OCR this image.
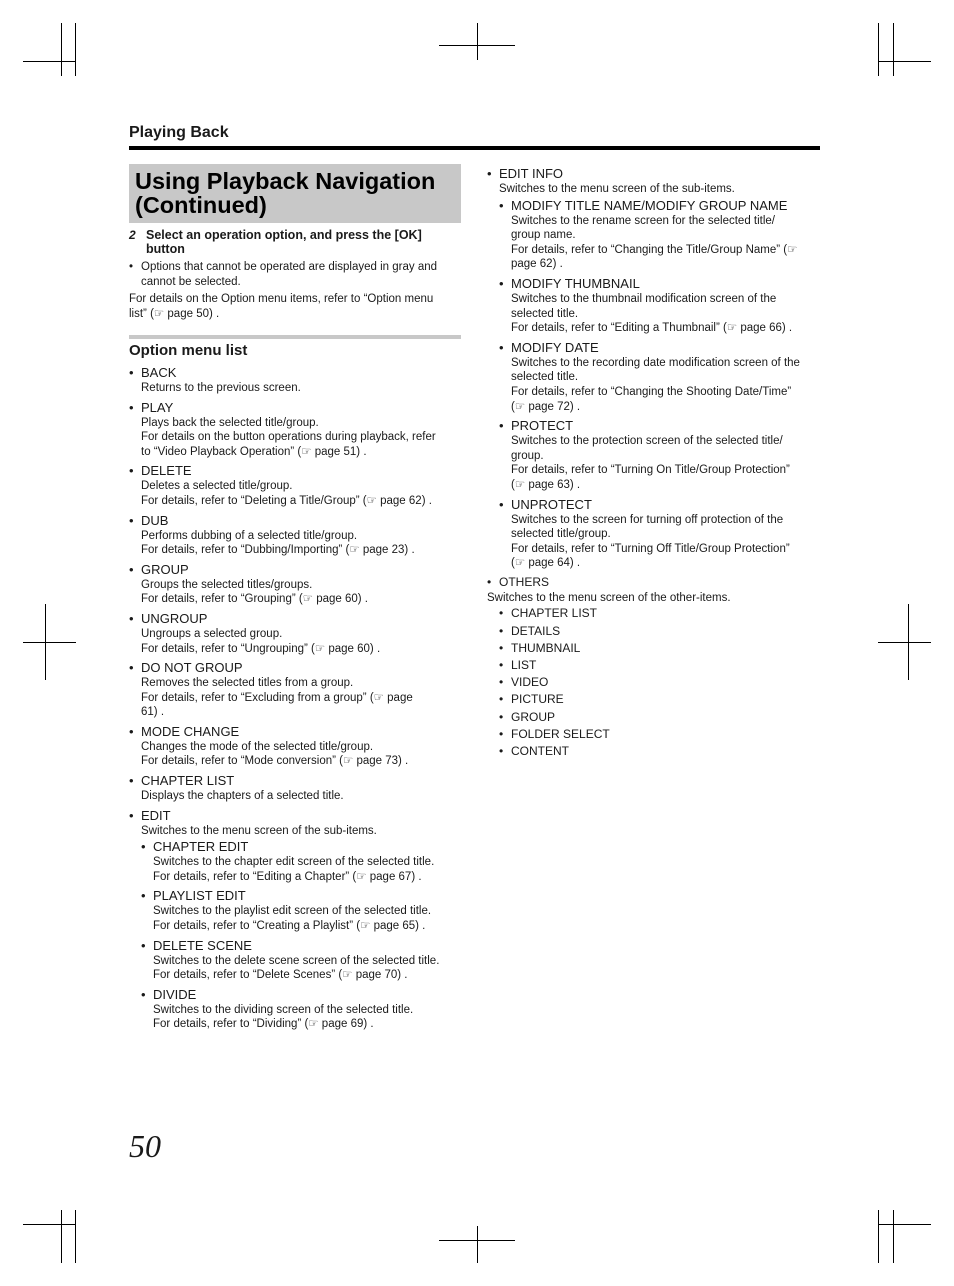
Playing Back
Using Playback Navigation
(Continued)
2 Select an operation option, and press the [OK]
button
• Options that cannot be operated are displayed in gray and
cannot be selected.
For details on the Option menu items, refer to “Option menu
list” (☞ page 50) .
Option menu list
• BACK
Returns to the previous screen.
• PLAY
Plays back the selected title/group.
For details on the button operations during playback, refer
to “Video Playback Operation” (☞ page 51) .
• DELETE
Deletes a selected title/group.
For details, refer to “Deleting a Title/Group” (☞ page 62) .
• DUB
Performs dubbing of a selected title/group.
For details, refer to “Dubbing/Importing” (☞ page 23) .
• GROUP
Groups the selected titles/groups.
For details, refer to “Grouping” (☞ page 60) .
• UNGROUP
Ungroups a selected group.
For details, refer to “Ungrouping” (☞ page 60) .
• DO NOT GROUP
Removes the selected titles from a group.
For details, refer to “Excluding from a group” (☞ page
61) .
• MODE CHANGE
Changes the mode of the selected title/group.
For details, refer to “Mode conversion” (☞ page 73) .
• CHAPTER LIST
Displays the chapters of a selected title.
• EDIT
Switches to the menu screen of the sub-items.
• CHAPTER EDIT
Switches to the chapter edit screen of the selected title.
For details, refer to “Editing a Chapter” (☞ page 67) .
• PLAYLIST EDIT
Switches to the playlist edit screen of the selected title.
For details, refer to “Creating a Playlist” (☞ page 65) .
• DELETE SCENE
Switches to the delete scene screen of the selected title.
For details, refer to “Delete Scenes” (☞ page 70) .
• DIVIDE
Switches to the dividing screen of the selected title.
For details, refer to “Dividing” (☞ page 69) .
• EDIT INFO
Switches to the menu screen of the sub-items.
• MODIFY TITLE NAME/MODIFY GROUP NAME
Switches to the rename screen for the selected title/
group name.
For details, refer to “Changing the Title/Group Name” (☞
page 62) .
• MODIFY THUMBNAIL
Switches to the thumbnail modification screen of the
selected title.
For details, refer to “Editing a Thumbnail” (☞ page 66) .
• MODIFY DATE
Switches to the recording date modification screen of the
selected title.
For details, refer to “Changing the Shooting Date/Time”
(☞ page 72) .
• PROTECT
Switches to the protection screen of the selected title/
group.
For details, refer to “Turning On Title/Group Protection”
(☞ page 63) .
• UNPROTECT
Switches to the screen for turning off protection of the
selected title/group.
For details, refer to “Turning Off Title/Group Protection”
(☞ page 64) .
• OTHERS
Switches to the menu screen of the other-items.
• CHAPTER LIST
• DETAILS
• THUMBNAIL
• LIST
• VIDEO
• PICTURE
• GROUP
• FOLDER SELECT
• CONTENT
50
